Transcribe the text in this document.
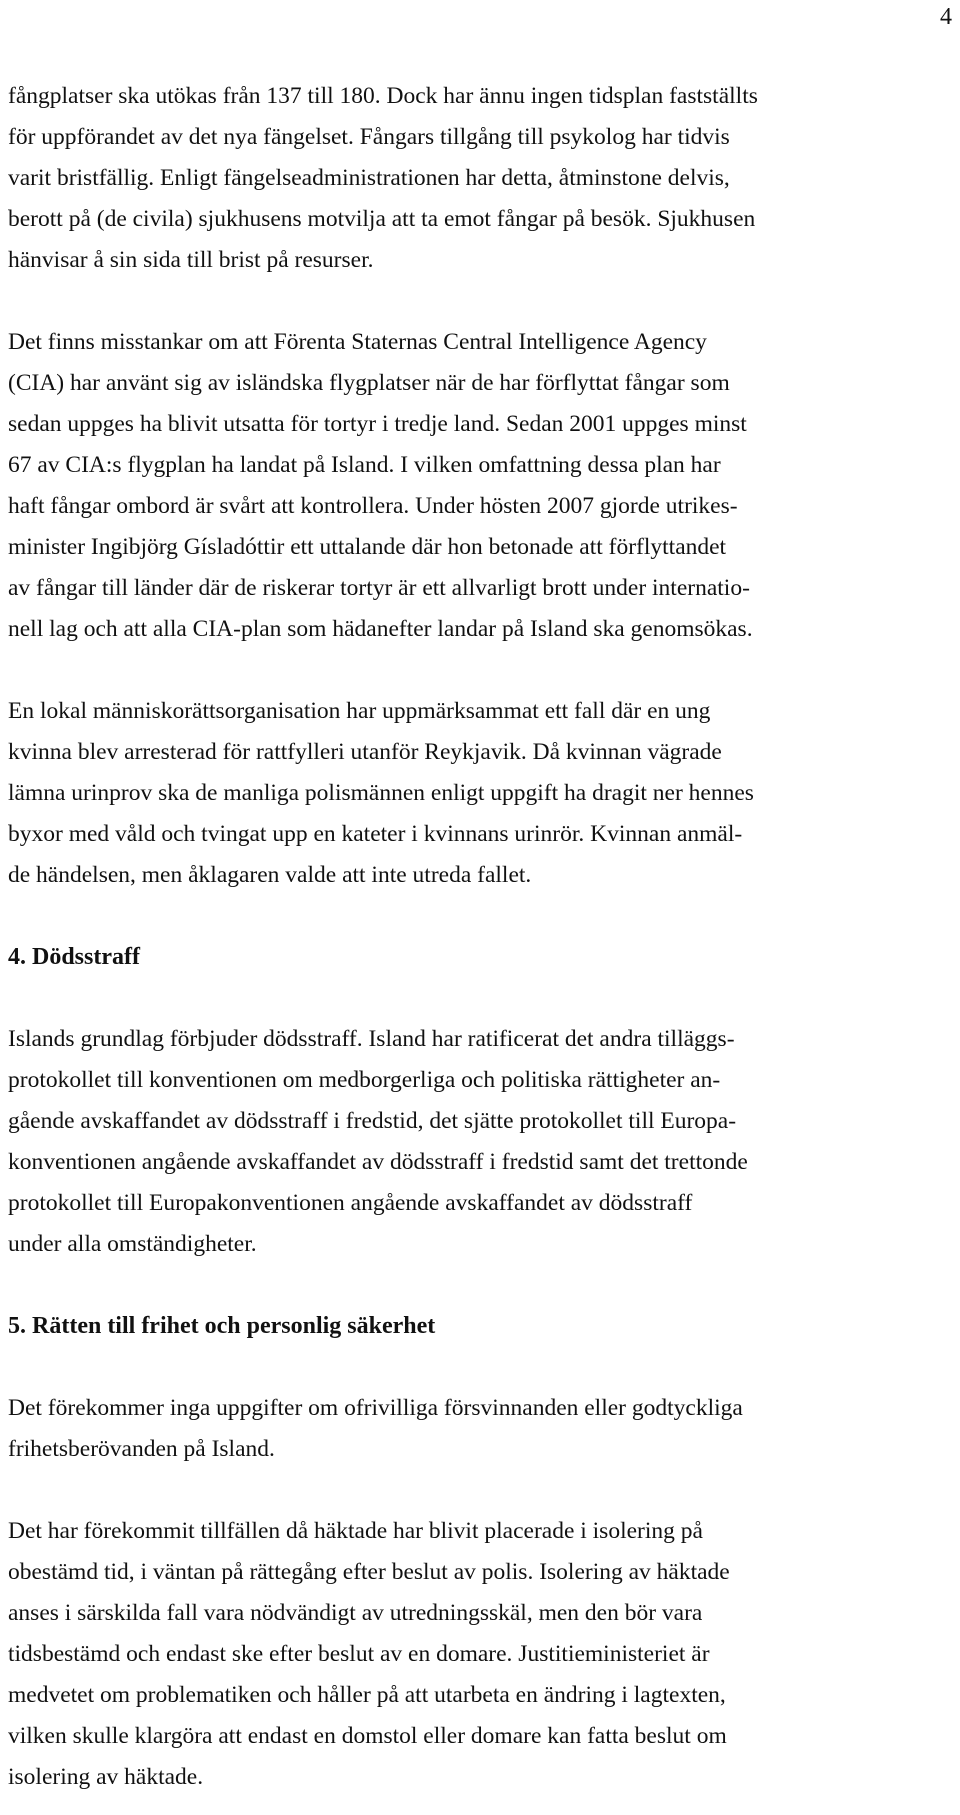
4
fångplatser ska utökas från 137 till 180. Dock har ännu ingen tidsplan fastställts
för uppförandet av det nya fängelset. Fångars tillgång till psykolog har tidvis
varit bristfällig. Enligt fängelseadministrationen har detta, åtminstone delvis,
berott på (de civila) sjukhusens motvilja att ta emot fångar på besök. Sjukhusen
hänvisar å sin sida till brist på resurser.
Det finns misstankar om att Förenta Staternas Central Intelligence Agency
(CIA) har använt sig av isländska flygplatser när de har förflyttat fångar som
sedan uppges ha blivit utsatta för tortyr i tredje land. Sedan 2001 uppges minst
67 av CIA:s flygplan ha landat på Island. I vilken omfattning dessa plan har
haft fångar ombord är svårt att kontrollera. Under hösten 2007 gjorde utrikes-
minister Ingibjörg Gísladóttir ett uttalande där hon betonade att förflyttandet
av fångar till länder där de riskerar tortyr är ett allvarligt brott under internatio-
nell lag och att alla CIA-plan som hädanefter landar på Island ska genomsökas.
En lokal människorättsorganisation har uppmärksammat ett fall där en ung
kvinna blev arresterad för rattfylleri utanför Reykjavik. Då kvinnan vägrade
lämna urinprov ska de manliga polismännen enligt uppgift ha dragit ner hennes
byxor med våld och tvingat upp en kateter i kvinnans urinrör. Kvinnan anmäl-
de händelsen, men åklagaren valde att inte utreda fallet.
4. Dödsstraff
Islands grundlag förbjuder dödsstraff. Island har ratificerat det andra tilläggs-
protokollet till konventionen om medborgerliga och politiska rättigheter an-
gående avskaffandet av dödsstraff i fredstid, det sjätte protokollet till Europa-
konventionen angående avskaffandet av dödsstraff i fredstid samt det trettonde
protokollet till Europakonventionen angående avskaffandet av dödsstraff
under alla omständigheter.
5. Rätten till frihet och personlig säkerhet
Det förekommer inga uppgifter om ofrivilliga försvinnanden eller godtyckliga
frihetsberövanden på Island.
Det har förekommit tillfällen då häktade har blivit placerade i isolering på
obestämd tid, i väntan på rättegång efter beslut av polis. Isolering av häktade
anses i särskilda fall vara nödvändigt av utredningsskäl, men den bör vara
tidsbestämd och endast ske efter beslut av en domare. Justitieministeriet är
medvetet om problematiken och håller på att utarbeta en ändring i lagtexten,
vilken skulle klargöra att endast en domstol eller domare kan fatta beslut om
isolering av häktade.
